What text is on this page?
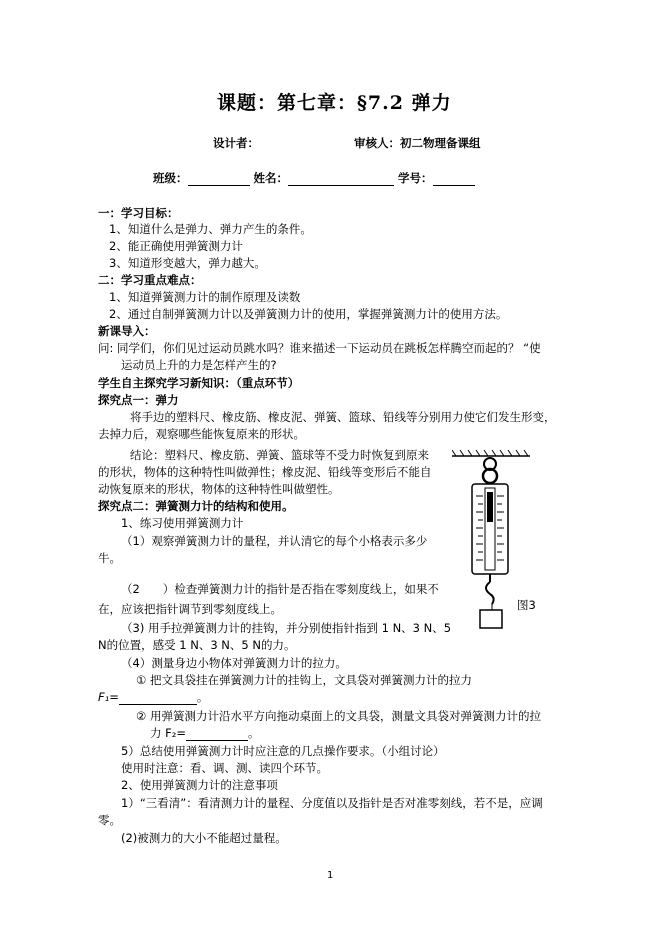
课题：第七章：§7.2 弹力
设计者：	审核人：初二物理备课组
班级：	姓名：	学号：
一：学习目标：
1、知道什么是弹力、弹力产生的条件。
2、能正确使用弹簧测力计
3、知道形变越大，弹力越大。
二：学习重点难点：
1、知道弹簧测力计的制作原理及读数
2、通过自制弹簧测力计以及弹簧测力计的使用，掌握弹簧测力计的使用方法。
新课导入：
问: 同学们，你们见过运动员跳水吗？谁来描述一下运动员在跳板怎样腾空而起的？ “使
运动员上升的力是怎样产生的?
学生自主探究学习新知识：（重点环节）
探究点一：弹力
将手边的塑料尺、橡皮筋、橡皮泥、弹簧、篮球、铅线等分别用力使它们发生形变，
去掉力后，观察哪些能恢复原来的形状。
结论：塑料尺、橡皮筋、弹簧、篮球等不受力时恢复到原来
的形状，物体的这种特性叫做弹性；橡皮泥、铅线等变形后不能自
动恢复原来的形状，物体的这种特性叫做塑性。
探究点二：弹簧测力计的结构和使用。
1、练习使用弹簧测力计
（1）观察弹簧测力计的量程，并认清它的每个小格表示多少
牛。
（2　　）检查弹簧测力计的指针是否指在零刻度线上，如果不
在，应该把指针调节到零刻度线上。
（3) 用手拉弹簧测力计的挂钩，并分别使指针指到 1 N、3 N、5
N的位置，感受 1 N、3 N、5 N的力。
（4）测量身边小物体对弹簧测力计的拉力。
① 把文具袋挂在弹簧测力计的挂钩上，文具袋对弹簧测力计的拉力
F₁=	。
② 用弹簧测力计沿水平方向拖动桌面上的文具袋，测量文具袋对弹簧测力计的拉
力 F₂=	。
5）总结使用弹簧测力计时应注意的几点操作要求。（小组讨论）
使用时注意：看、调、测、读四个环节。
2、使用弹簧测力计的注意事项
1）“三看清”：看清测力计的量程、分度值以及指针是否对准零刻线，若不是，应调
零。
(2)被测力的大小不能超过量程。
图3
1
